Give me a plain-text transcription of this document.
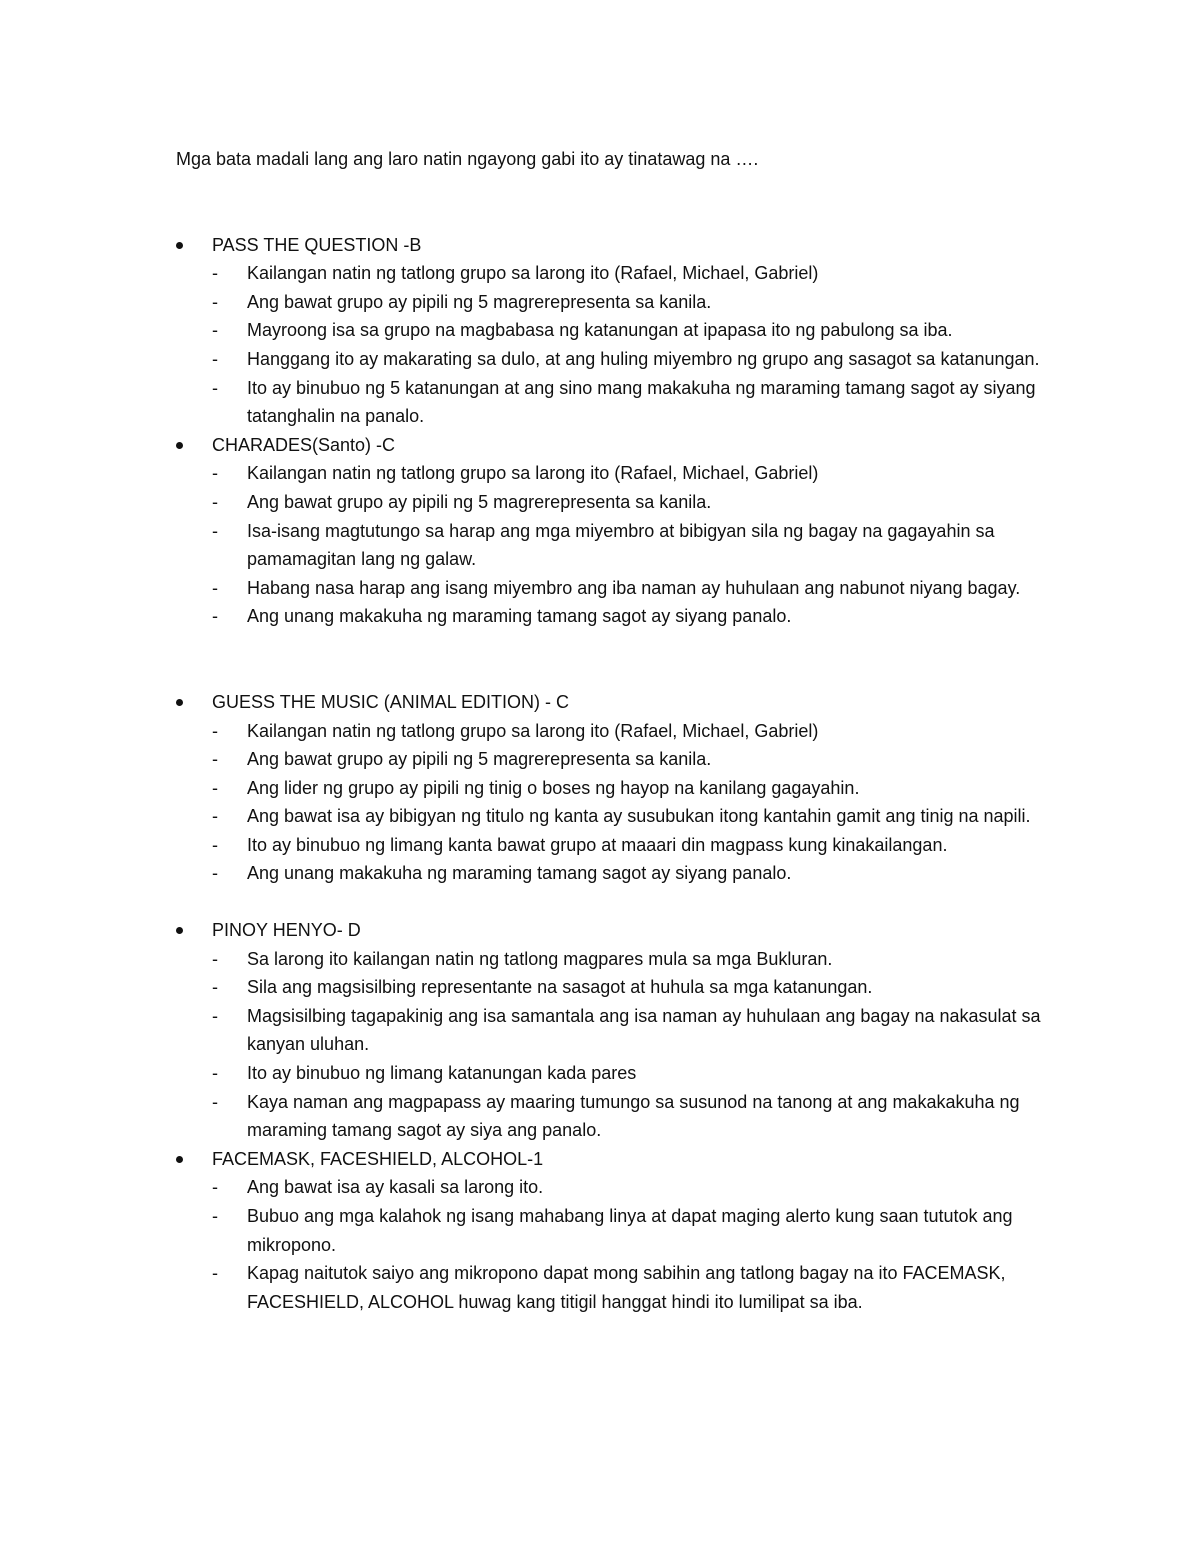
Mga bata madali lang ang laro natin ngayong gabi ito ay tinatawag na ….

PASS THE QUESTION -B
- Kailangan natin ng tatlong grupo sa larong ito (Rafael, Michael, Gabriel)
- Ang bawat grupo ay pipili ng 5 magrerepresenta sa kanila.
- Mayroong isa sa grupo na magbabasa ng katanungan at ipapasa ito ng pabulong sa iba.
- Hanggang ito ay makarating sa dulo, at ang huling miyembro ng grupo ang sasagot sa katanungan.
- Ito ay binubuo ng 5 katanungan at ang sino mang makakuha ng maraming tamang sagot ay siyang tatanghalin na panalo.
CHARADES(Santo) -C
- Kailangan natin ng tatlong grupo sa larong ito (Rafael, Michael, Gabriel)
- Ang bawat grupo ay pipili ng 5 magrerepresenta sa kanila.
- Isa-isang magtutungo sa harap ang mga miyembro at bibigyan sila ng bagay na gagayahin sa pamamagitan lang ng galaw.
- Habang nasa harap ang isang miyembro ang iba naman ay huhulaan ang nabunot niyang bagay.
- Ang unang makakuha ng maraming tamang sagot ay siyang panalo.
GUESS THE MUSIC (ANIMAL EDITION) - C
- Kailangan natin ng tatlong grupo sa larong ito (Rafael, Michael, Gabriel)
- Ang bawat grupo ay pipili ng 5 magrerepresenta sa kanila.
- Ang lider ng grupo ay pipili ng tinig o boses ng hayop na kanilang gagayahin.
- Ang bawat isa ay bibigyan ng titulo ng kanta ay susubukan itong kantahin gamit ang tinig na napili.
- Ito ay binubuo ng limang kanta bawat grupo at maaari din magpass kung kinakailangan.
- Ang unang makakuha ng maraming tamang sagot ay siyang panalo.
PINOY HENYO- D
- Sa larong ito kailangan natin ng tatlong magpares mula sa mga Bukluran.
- Sila ang magsisilbing representante na sasagot at huhula sa mga katanungan.
- Magsisilbing tagapakinig ang isa samantala ang isa naman ay huhulaan ang bagay na nakasulat sa kanyan uluhan.
- Ito ay binubuo ng limang katanungan kada pares
- Kaya naman ang magpapass ay maaring tumungo sa susunod na tanong at ang makakakuha ng maraming tamang sagot ay siya ang panalo.
FACEMASK, FACESHIELD, ALCOHOL-1
- Ang bawat isa ay kasali sa larong ito.
- Bubuo ang mga kalahok ng isang mahabang linya at dapat maging alerto kung saan tututok ang mikropono.
- Kapag naitutok saiyo ang mikropono dapat mong sabihin ang tatlong bagay na ito FACEMASK, FACESHIELD, ALCOHOL huwag kang titigil hanggat hindi ito lumilipat sa iba.
